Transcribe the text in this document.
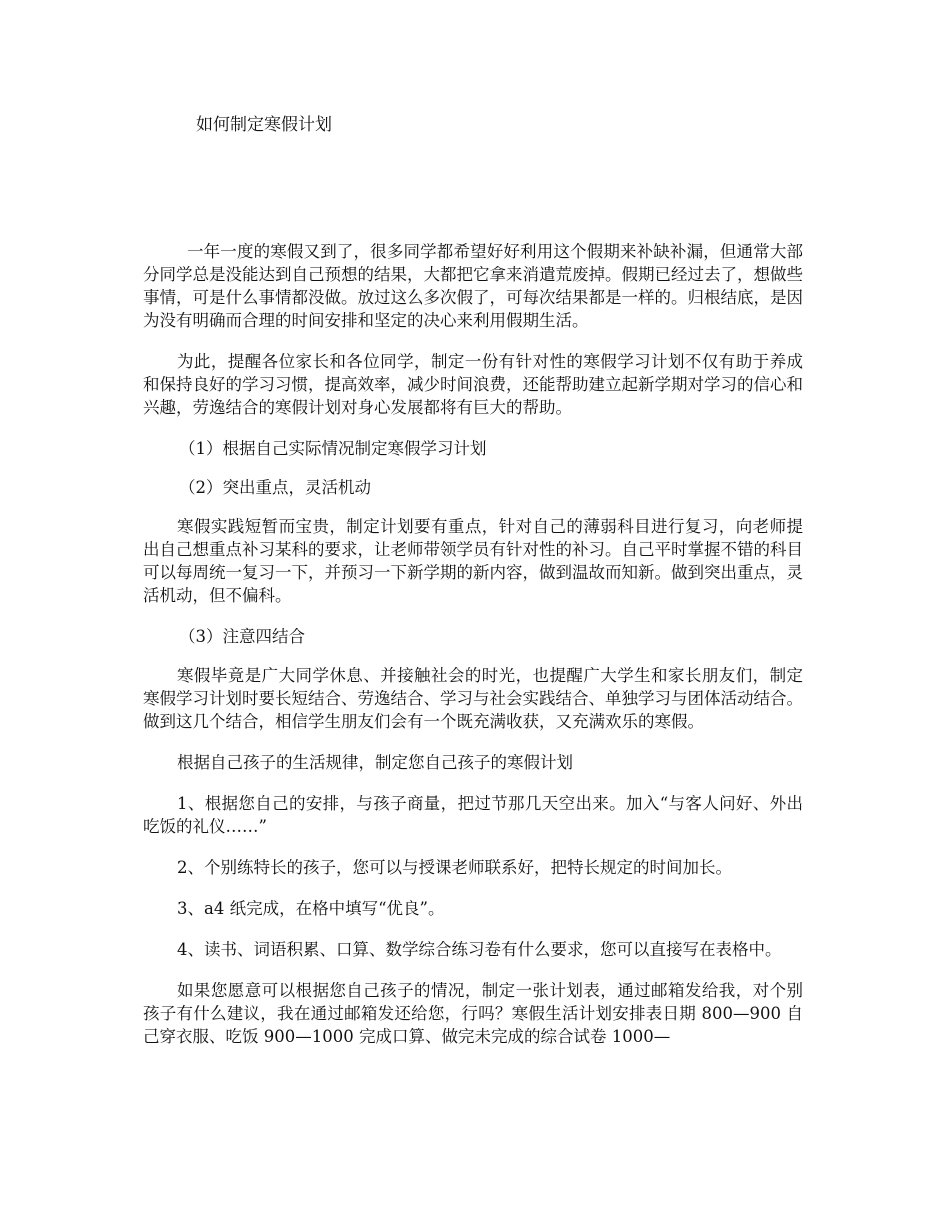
如何制定寒假计划

一年一度的寒假又到了，很多同学都希望好好利用这个假期来补缺补漏，但通常大部分同学总是没能达到自己预想的结果，大都把它拿来消遣荒废掉。假期已经过去了，想做些事情，可是什么事情都没做。放过这么多次假了，可每次结果都是一样的。归根结底，是因为没有明确而合理的时间安排和坚定的决心来利用假期生活。

为此，提醒各位家长和各位同学，制定一份有针对性的寒假学习计划不仅有助于养成和保持良好的学习习惯，提高效率，减少时间浪费，还能帮助建立起新学期对学习的信心和兴趣，劳逸结合的寒假计划对身心发展都将有巨大的帮助。

（1）根据自己实际情况制定寒假学习计划

（2）突出重点，灵活机动

寒假实践短暂而宝贵，制定计划要有重点，针对自己的薄弱科目进行复习，向老师提出自己想重点补习某科的要求，让老师带领学员有针对性的补习。自己平时掌握不错的科目可以每周统一复习一下，并预习一下新学期的新内容，做到温故而知新。做到突出重点，灵活机动，但不偏科。

（3）注意四结合

寒假毕竟是广大同学休息、并接触社会的时光，也提醒广大学生和家长朋友们，制定寒假学习计划时要长短结合、劳逸结合、学习与社会实践结合、单独学习与团体活动结合。做到这几个结合，相信学生朋友们会有一个既充满收获，又充满欢乐的寒假。

根据自己孩子的生活规律，制定您自己孩子的寒假计划

1、根据您自己的安排，与孩子商量，把过节那几天空出来。加入“与客人问好、外出吃饭的礼仪……”

2、个别练特长的孩子，您可以与授课老师联系好，把特长规定的时间加长。

3、a4 纸完成，在格中填写“优良”。

4、读书、词语积累、口算、数学综合练习卷有什么要求，您可以直接写在表格中。

如果您愿意可以根据您自己孩子的情况，制定一张计划表，通过邮箱发给我，对个别孩子有什么建议，我在通过邮箱发还给您，行吗？寒假生活计划安排表日期 800—900 自己穿衣服、吃饭 900—1000 完成口算、做完未完成的综合试卷 1000—
